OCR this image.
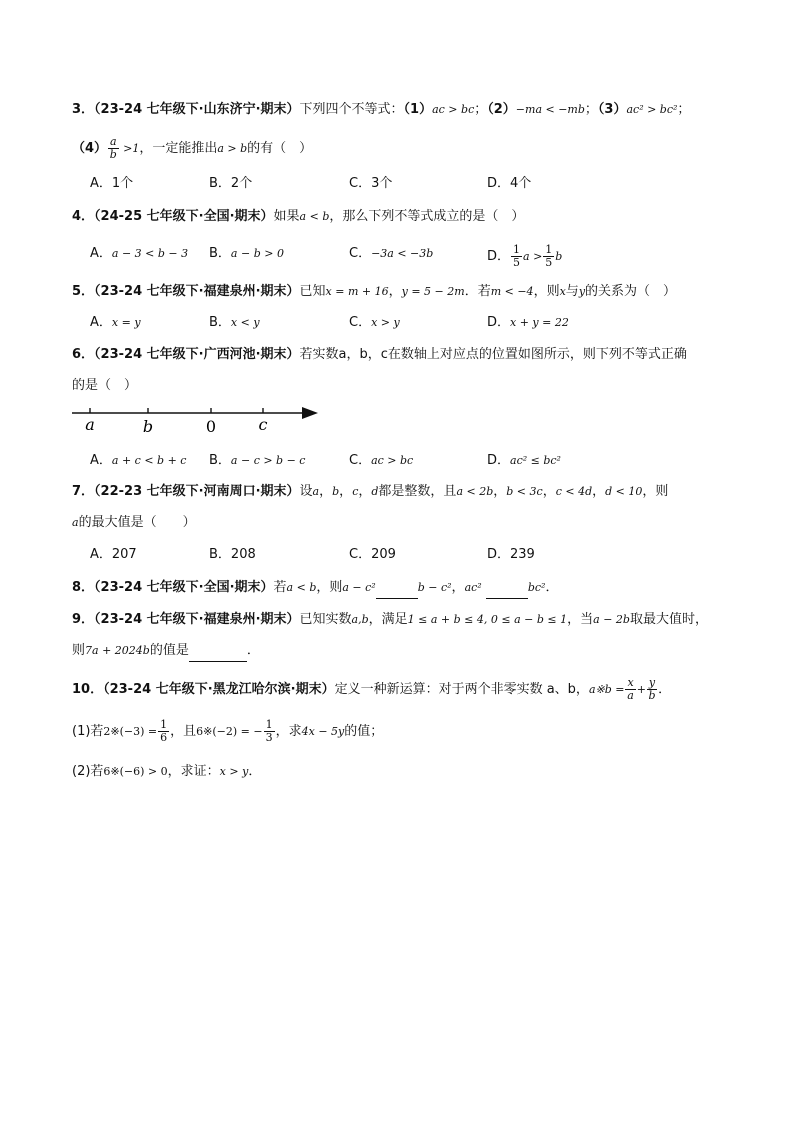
3．（23-24 七年级下·山东济宁·期末）下列四个不等式：（1）ac > bc；（2）−ma < −mb；（3）ac² > bc²；
$(4) \frac{a}{b} >1$，一定能推出a > b的有（　）
A．1个	B．2个	C．3个	D．4个
4．（24-25 七年级下·全国·期末）如果a < b，那么下列不等式成立的是（　）
A．a − 3 < b − 3 B．a − b > 0	C．−3a < −3b	D． $\frac{1}{5}$ $a > \frac{1}{5}$ b
5．（23-24 七年级下·福建泉州·期末）已知x = m + 16，y = 5 − 2m．若m < −4，则x与y的关系为（　）
A．x = y	B．x < y	C．x > y	D．x + y = 22
6．（23-24 七年级下·广西河池·期末）若实数a，b，c在数轴上对应点的位置如图所示，则下列不等式正确
的是（　）
a	b	0	c
A．a + c < b + c B．a − c > b − c	C．ac > bc	D．ac² ≤ bc²
7．（22-23 七年级下·河南周口·期末）设a，b，c，d都是整数，且a < 2b，b < 3c，c < 4d，d < 10，则
a的最大值是（　　）
A．207	B．208	C．209	D．239
8．（23-24 七年级下·全国·期末）若a < b，则a − c²	b − c²，ac²	bc²．
9．（23-24 七年级下·福建泉州·期末）已知实数a,b，满足1 ≤ a + b ≤ 4, 0 ≤ a − b ≤ 1，当a − 2b取最大值时，
则7a + 2024b的值是	．
10．（23-24 七年级下·黑龙江哈尔滨·期末）定义一种新运算：对于两个非零实数 a、b，a※b = $\frac{x}{a} + \frac{y}{b}$ ．
(1)若2※(−3) = $\frac{1}{6}$ ，且6※(−2) = − $\frac{1}{3}$ ，求4x − 5y的值；
(2)若6※(−6) > 0，求证：x > y．
